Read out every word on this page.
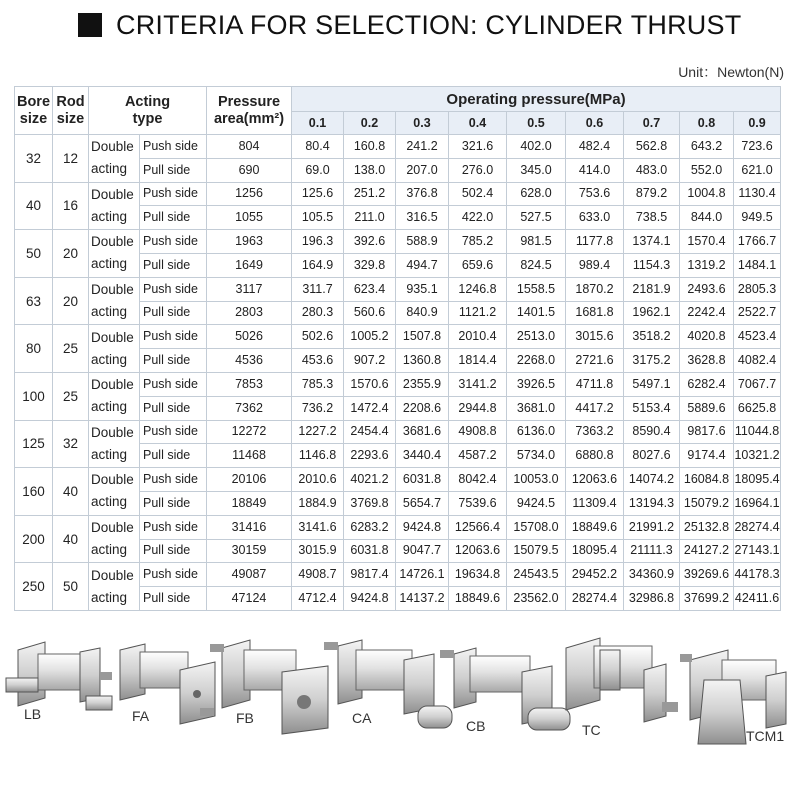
CRITERIA FOR SELECTION: CYLINDER THRUST
Unit：Newton(N)
Bore size	Rod size	Acting type		Pressure area(mm²)	Operating pressure(MPa)								
					0.1	0.2	0.3	0.4	0.5	0.6	0.7	0.8	0.9
32	12	Double acting	Push side	804	80.4	160.8	241.2	321.6	402.0	482.4	562.8	643.2	723.6
			Pull side	690	69.0	138.0	207.0	276.0	345.0	414.0	483.0	552.0	621.0
40	16	Double acting	Push side	1256	125.6	251.2	376.8	502.4	628.0	753.6	879.2	1004.8	1130.4
			Pull side	1055	105.5	211.0	316.5	422.0	527.5	633.0	738.5	844.0	949.5
50	20	Double acting	Push side	1963	196.3	392.6	588.9	785.2	981.5	1177.8	1374.1	1570.4	1766.7
			Pull side	1649	164.9	329.8	494.7	659.6	824.5	989.4	1154.3	1319.2	1484.1
63	20	Double acting	Push side	3117	311.7	623.4	935.1	1246.8	1558.5	1870.2	2181.9	2493.6	2805.3
			Pull side	2803	280.3	560.6	840.9	1121.2	1401.5	1681.8	1962.1	2242.4	2522.7
80	25	Double acting	Push side	5026	502.6	1005.2	1507.8	2010.4	2513.0	3015.6	3518.2	4020.8	4523.4
			Pull side	4536	453.6	907.2	1360.8	1814.4	2268.0	2721.6	3175.2	3628.8	4082.4
100	25	Double acting	Push side	7853	785.3	1570.6	2355.9	3141.2	3926.5	4711.8	5497.1	6282.4	7067.7
			Pull side	7362	736.2	1472.4	2208.6	2944.8	3681.0	4417.2	5153.4	5889.6	6625.8
125	32	Double acting	Push side	12272	1227.2	2454.4	3681.6	4908.8	6136.0	7363.2	8590.4	9817.6	11044.8
			Pull side	11468	1146.8	2293.6	3440.4	4587.2	5734.0	6880.8	8027.6	9174.4	10321.2
160	40	Double acting	Push side	20106	2010.6	4021.2	6031.8	8042.4	10053.0	12063.6	14074.2	16084.8	18095.4
			Pull side	18849	1884.9	3769.8	5654.7	7539.6	9424.5	11309.4	13194.3	15079.2	16964.1
200	40	Double acting	Push side	31416	3141.6	6283.2	9424.8	12566.4	15708.0	18849.6	21991.2	25132.8	28274.4
			Pull side	30159	3015.9	6031.8	9047.7	12063.6	15079.5	18095.4	21111.3	24127.2	27143.1
250	50	Double acting	Push side	49087	4908.7	9817.4	14726.1	19634.8	24543.5	29452.2	34360.9	39269.6	44178.3
			Pull side	47124	4712.4	9424.8	14137.2	18849.6	23562.0	28274.4	32986.8	37699.2	42411.6
LB	FA	FB	CA	CB	TC	TCM1
